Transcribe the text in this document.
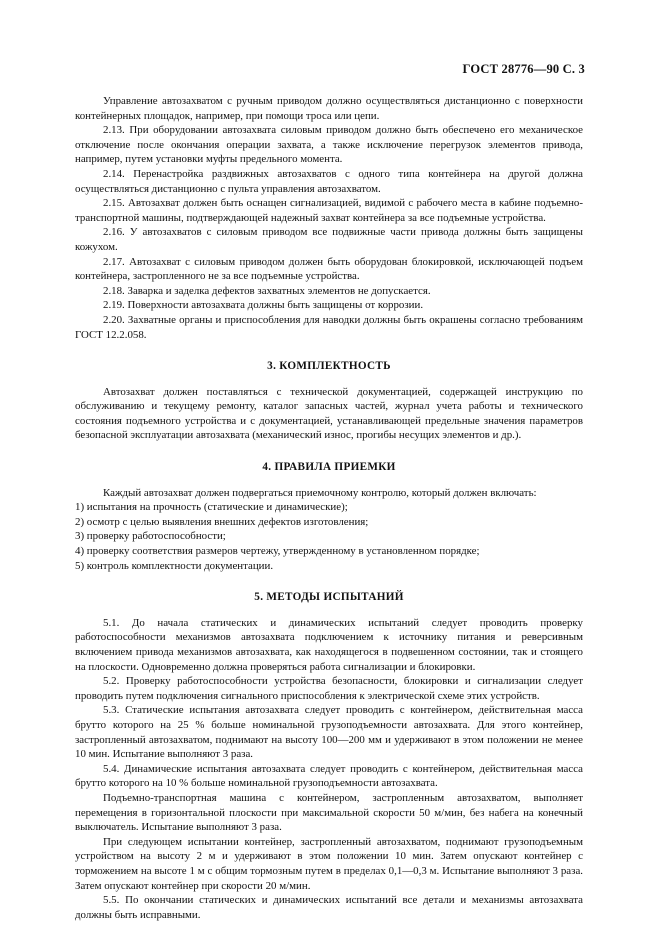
ГОСТ 28776—90 С. 3

Управление автозахватом с ручным приводом должно осуществляться дистанционно с поверхности контейнерных площадок, например, при помощи троса или цепи.

2.13. При оборудовании автозахвата силовым приводом должно быть обеспечено его механическое отключение после окончания операции захвата, а также исключение перегрузок элементов привода, например, путем установки муфты предельного момента.

2.14. Перенастройка раздвижных автозахватов с одного типа контейнера на другой должна осуществляться дистанционно с пульта управления автозахватом.

2.15. Автозахват должен быть оснащен сигнализацией, видимой с рабочего места в кабине подъемно-транспортной машины, подтверждающей надежный захват контейнера за все подъемные устройства.

2.16. У автозахватов с силовым приводом все подвижные части привода должны быть защищены кожухом.

2.17. Автозахват с силовым приводом должен быть оборудован блокировкой, исключающей подъем контейнера, застропленного не за все подъемные устройства.

2.18. Заварка и заделка дефектов захватных элементов не допускается.

2.19. Поверхности автозахвата должны быть защищены от коррозии.

2.20. Захватные органы и приспособления для наводки должны быть окрашены согласно требованиям ГОСТ 12.2.058.

3. КОМПЛЕКТНОСТЬ

Автозахват должен поставляться с технической документацией, содержащей инструкцию по обслуживанию и текущему ремонту, каталог запасных частей, журнал учета работы и технического состояния подъемного устройства и с документацией, устанавливающей предельные значения параметров безопасной эксплуатации автозахвата (механический износ, прогибы несущих элементов и др.).

4. ПРАВИЛА ПРИЕМКИ

Каждый автозахват должен подвергаться приемочному контролю, который должен включать:

1) испытания на прочность (статические и динамические);

2) осмотр с целью выявления внешних дефектов изготовления;

3) проверку работоспособности;

4) проверку соответствия размеров чертежу, утвержденному в установленном порядке;

5) контроль комплектности документации.

5. МЕТОДЫ ИСПЫТАНИЙ

5.1. До начала статических и динамических испытаний следует проводить проверку работоспособности механизмов автозахвата подключением к источнику питания и реверсивным включением привода механизмов автозахвата, как находящегося в подвешенном состоянии, так и стоящего на плоскости. Одновременно должна проверяться работа сигнализации и блокировки.

5.2. Проверку работоспособности устройства безопасности, блокировки и сигнализации следует проводить путем подключения сигнального приспособления к электрической схеме этих устройств.

5.3. Статические испытания автозахвата следует проводить с контейнером, действительная масса брутто которого на 25 % больше номинальной грузоподъемности автозахвата. Для этого контейнер, застропленный автозахватом, поднимают на высоту 100—200 мм и удерживают в этом положении не менее 10 мин. Испытание выполняют 3 раза.

5.4. Динамические испытания автозахвата следует проводить с контейнером, действительная масса брутто которого на 10 % больше номинальной грузоподъемности автозахвата.

Подъемно-транспортная машина с контейнером, застропленным автозахватом, выполняет перемещения в горизонтальной плоскости при максимальной скорости 50 м/мин, без набега на конечный выключатель. Испытание выполняют 3 раза.

При следующем испытании контейнер, застропленный автозахватом, поднимают грузоподъемным устройством на высоту 2 м и удерживают в этом положении 10 мин. Затем опускают контейнер с торможением на высоте 1 м с общим тормозным путем в пределах 0,1—0,3 м. Испытание выполняют 3 раза. Затем опускают контейнер при скорости 20 м/мин.

5.5. По окончании статических и динамических испытаний все детали и механизмы автозахвата должны быть исправными.
